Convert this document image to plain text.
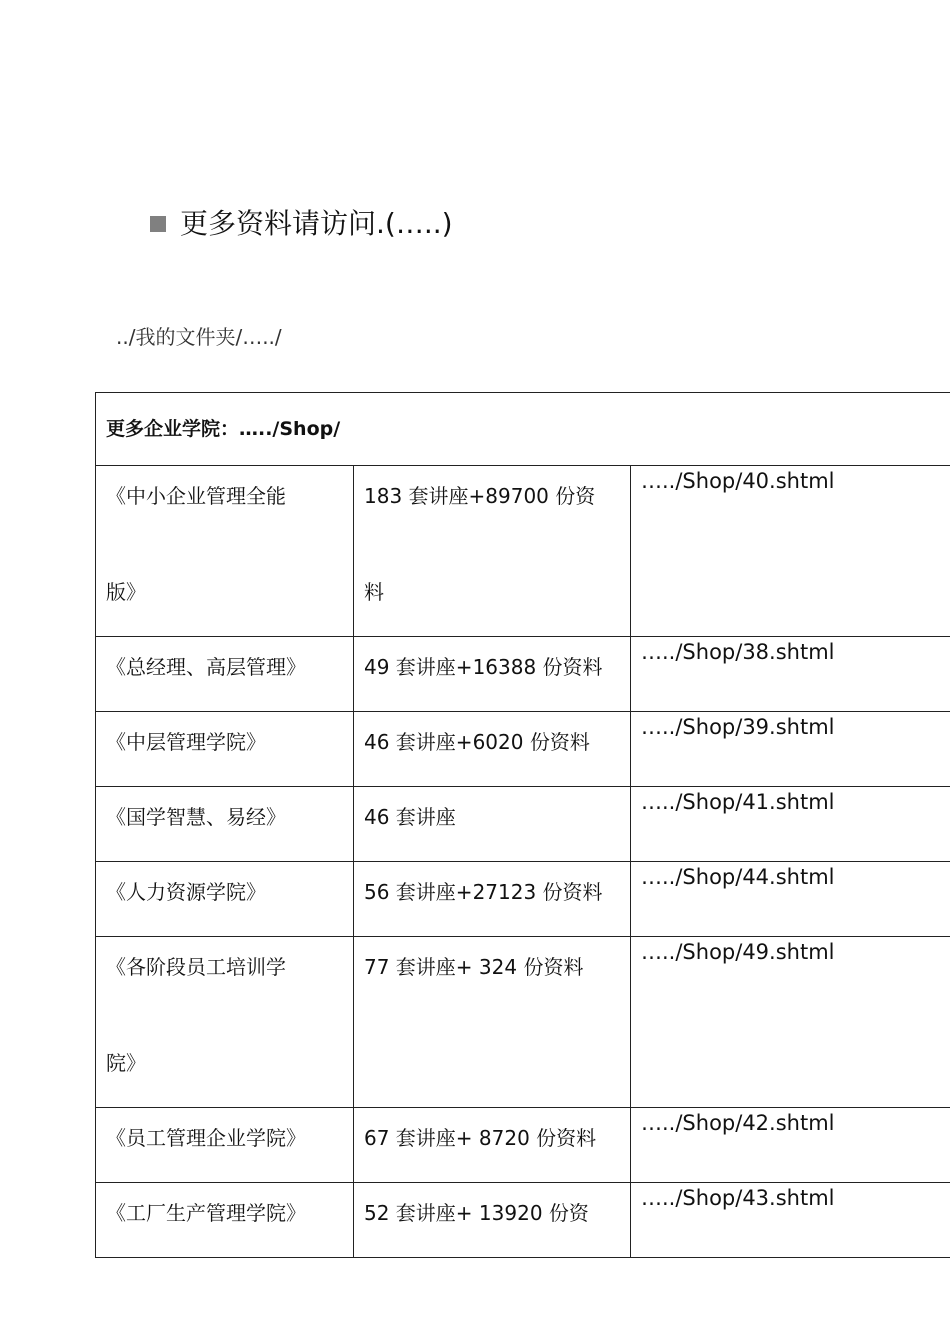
更多资料请访问.(…..)
../我的文件夹/…../
更多企业学院：…../Shop/		

《中小企业管理全能
版》	183 套讲座+89700 份资
料	…../Shop/40.shtml

《总经理、高层管理》	49 套讲座+16388 份资料	…../Shop/38.shtml

《中层管理学院》	46 套讲座+6020 份资料	…../Shop/39.shtml

《国学智慧、易经》	46 套讲座	…../Shop/41.shtml

《人力资源学院》	56 套讲座+27123 份资料	…../Shop/44.shtml

《各阶段员工培训学
院》	77 套讲座+ 324 份资料	…../Shop/49.shtml

《员工管理企业学院》	67 套讲座+ 8720 份资料	…../Shop/42.shtml

《工厂生产管理学院》	52 套讲座+ 13920 份资	…../Shop/43.shtml
